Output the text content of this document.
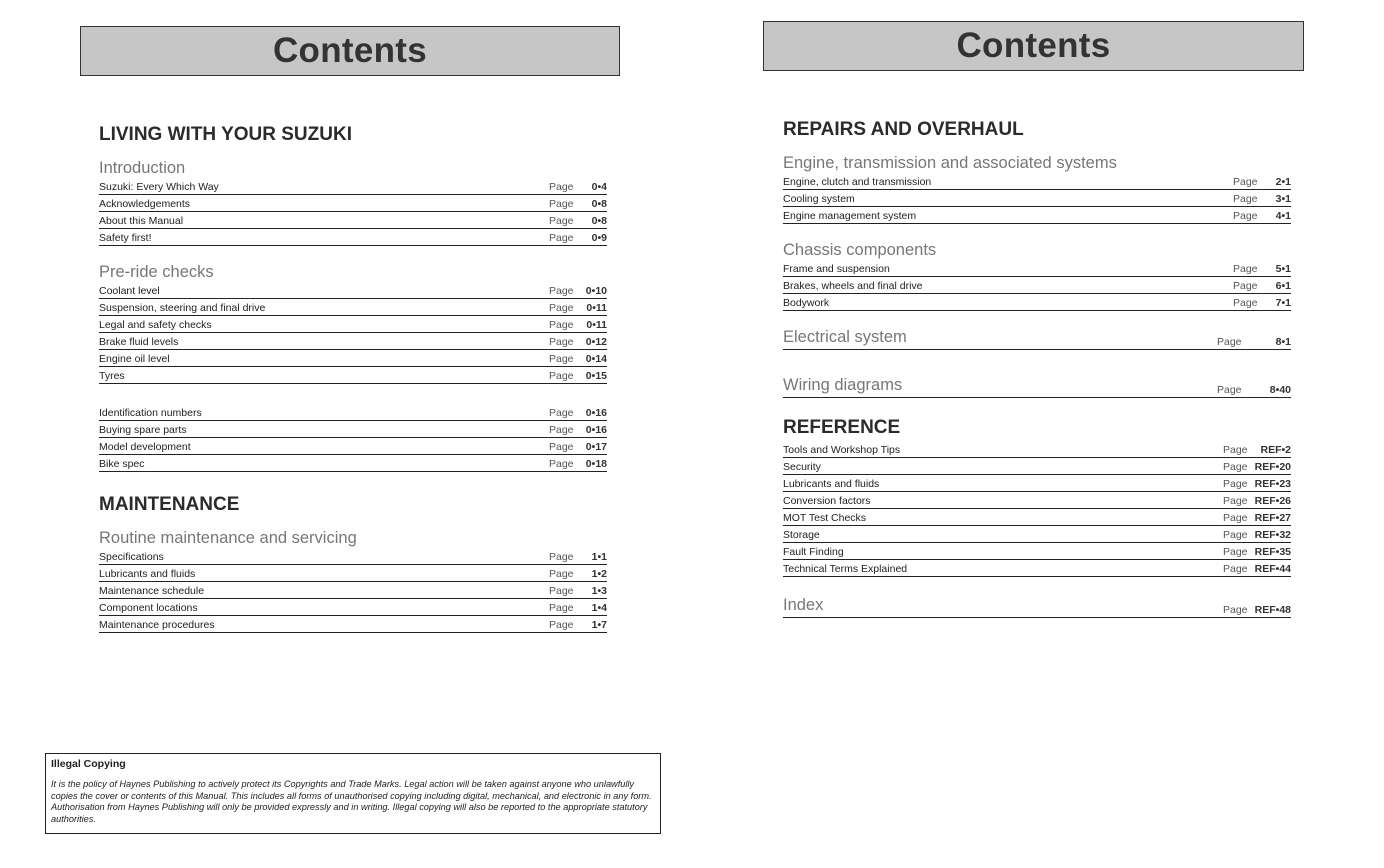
Contents
LIVING WITH YOUR SUZUKI
Introduction
Suzuki: Every Which Way	Page	0•4
Acknowledgements	Page	0•8
About this Manual	Page	0•8
Safety first!	Page	0•9
Pre-ride checks
Coolant level	Page	0•10
Suspension, steering and final drive	Page	0•11
Legal and safety checks	Page	0•11
Brake fluid levels	Page	0•12
Engine oil level	Page	0•14
Tyres	Page	0•15
Identification numbers	Page	0•16
Buying spare parts	Page	0•16
Model development	Page	0•17
Bike spec	Page	0•18
MAINTENANCE
Routine maintenance and servicing
Specifications	Page	1•1
Lubricants and fluids	Page	1•2
Maintenance schedule	Page	1•3
Component locations	Page	1•4
Maintenance procedures	Page	1•7
Illegal Copying
It is the policy of Haynes Publishing to actively protect its Copyrights and Trade Marks. Legal action will be taken against anyone who unlawfully copies the cover or contents of this Manual. This includes all forms of unauthorised copying including digital, mechanical, and electronic in any form. Authorisation from Haynes Publishing will only be provided expressly and in writing. Illegal copying will also be reported to the appropriate statutory authorities.
Contents
REPAIRS AND OVERHAUL
Engine, transmission and associated systems
Engine, clutch and transmission	Page	2•1
Cooling system	Page	3•1
Engine management system	Page	4•1
Chassis components
Frame and suspension	Page	5•1
Brakes, wheels and final drive	Page	6•1
Bodywork	Page	7•1
Electrical system	Page	8•1
Wiring diagrams	Page	8•40
REFERENCE
Tools and Workshop Tips	Page	REF•2
Security	Page REF•20
Lubricants and fluids	Page REF•23
Conversion factors	Page REF•26
MOT Test Checks	Page REF•27
Storage	Page REF•32
Fault Finding	Page REF•35
Technical Terms Explained	Page REF•44
Index	Page REF•48
